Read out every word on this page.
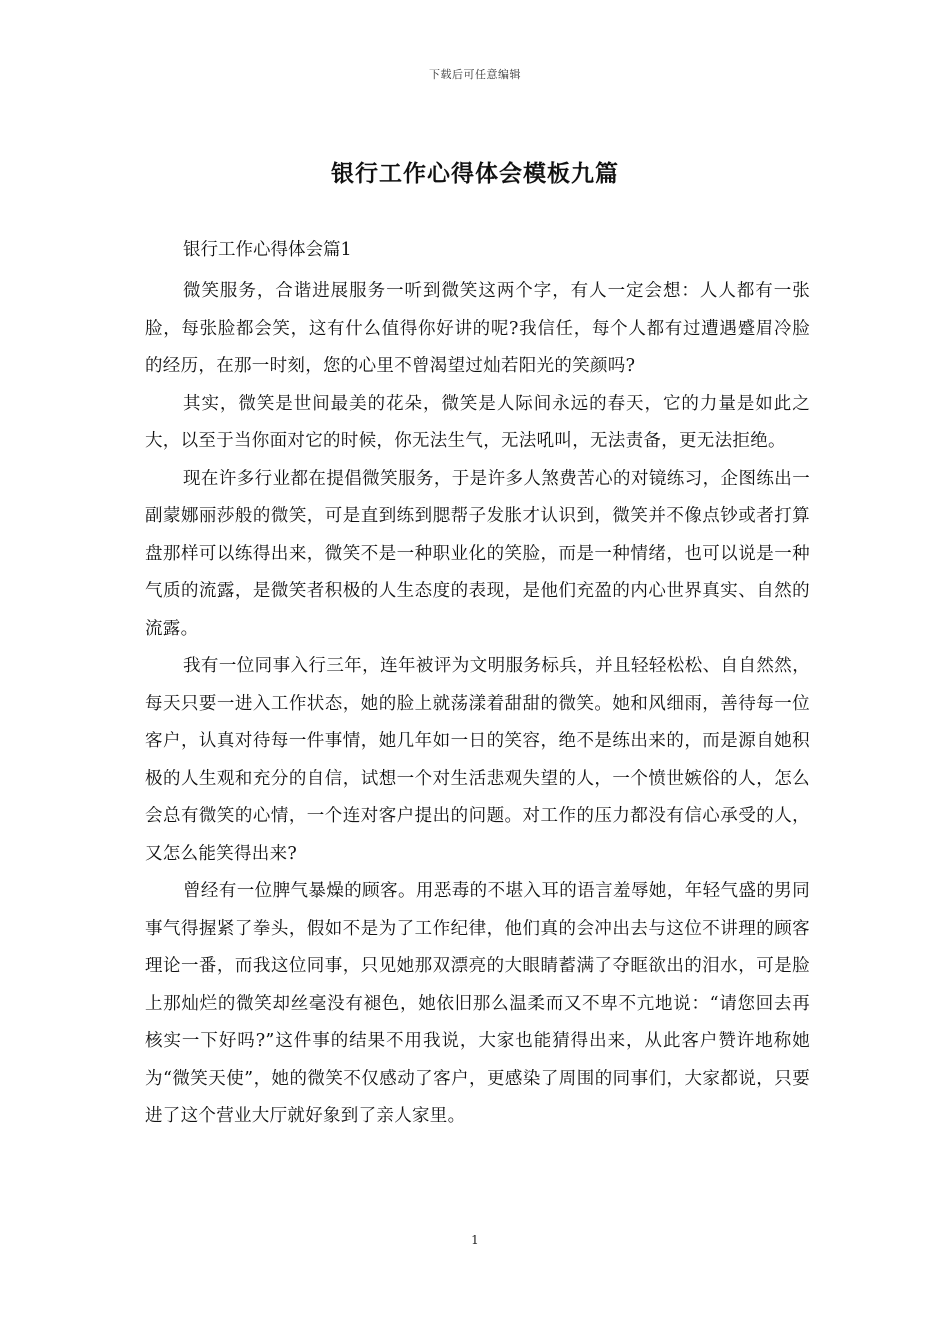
下载后可任意编辑
银行工作心得体会模板九篇

银行工作心得体会篇1

微笑服务，合谐进展服务一听到微笑这两个字，有人一定会想：人人都有一张脸，每张脸都会笑，这有什么值得你好讲的呢?我信任，每个人都有过遭遇蹙眉冷脸的经历，在那一时刻，您的心里不曾渴望过灿若阳光的笑颜吗?

其实，微笑是世间最美的花朵，微笑是人际间永远的春天，它的力量是如此之大，以至于当你面对它的时候，你无法生气，无法吼叫，无法责备，更无法拒绝。

现在许多行业都在提倡微笑服务，于是许多人煞费苦心的对镜练习，企图练出一副蒙娜丽莎般的微笑，可是直到练到腮帮子发胀才认识到，微笑并不像点钞或者打算盘那样可以练得出来，微笑不是一种职业化的笑脸，而是一种情绪，也可以说是一种气质的流露，是微笑者积极的人生态度的表现，是他们充盈的内心世界真实、自然的流露。

我有一位同事入行三年，连年被评为文明服务标兵，并且轻轻松松、自自然然，每天只要一进入工作状态，她的脸上就荡漾着甜甜的微笑。她和风细雨，善待每一位客户，认真对待每一件事情，她几年如一日的笑容，绝不是练出来的，而是源自她积极的人生观和充分的自信，试想一个对生活悲观失望的人，一个愤世嫉俗的人，怎么会总有微笑的心情，一个连对客户提出的问题。对工作的压力都没有信心承受的人，又怎么能笑得出来?

曾经有一位脾气暴燥的顾客。用恶毒的不堪入耳的语言羞辱她，年轻气盛的男同事气得握紧了拳头，假如不是为了工作纪律，他们真的会冲出去与这位不讲理的顾客理论一番，而我这位同事，只见她那双漂亮的大眼睛蓄满了夺眶欲出的泪水，可是脸上那灿烂的微笑却丝毫没有褪色，她依旧那么温柔而又不卑不亢地说：“请您回去再核实一下好吗?”这件事的结果不用我说，大家也能猜得出来，从此客户赞许地称她为“微笑天使”，她的微笑不仅感动了客户，更感染了周围的同事们，大家都说，只要进了这个营业大厅就好象到了亲人家里。

1
